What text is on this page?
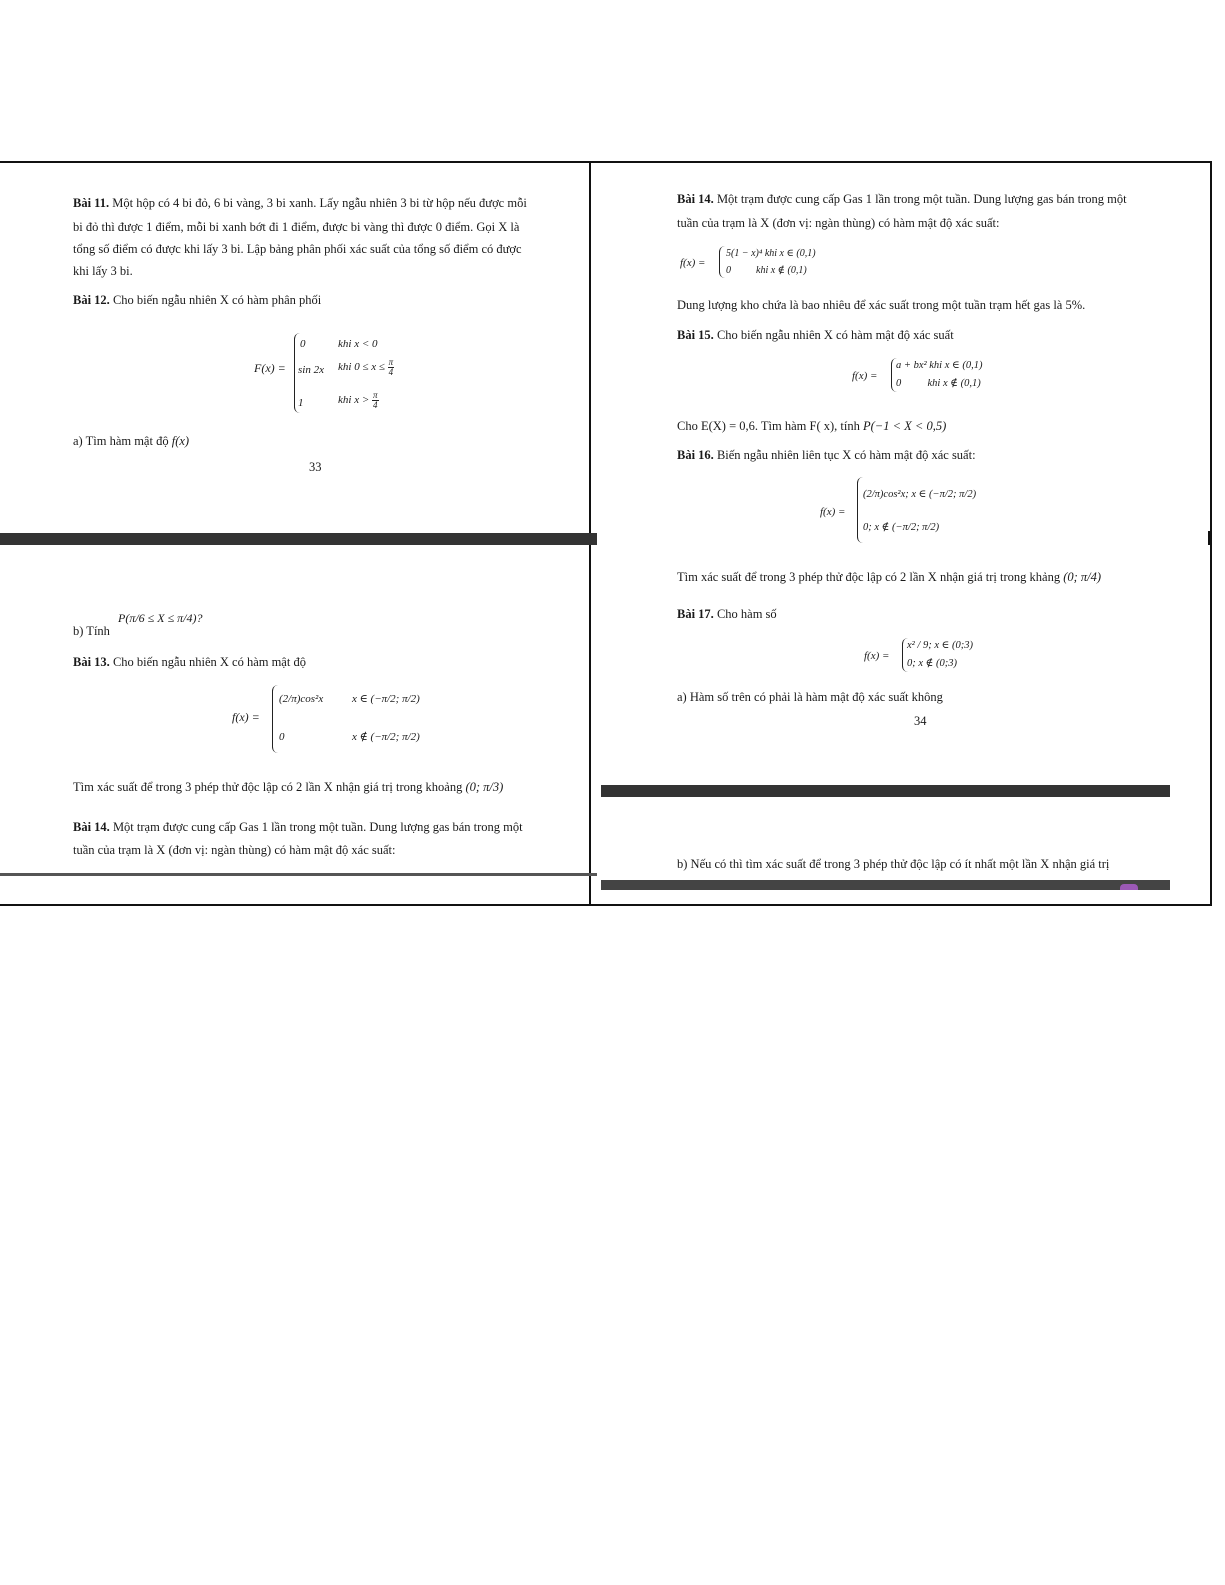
Bài 11. Một hộp có 4 bi đỏ, 6 bi vàng, 3 bi xanh. Lấy ngẫu nhiên 3 bi từ hộp nếu được mỗi
bi đỏ thì được 1 điểm, mỗi bi xanh bớt đi 1 điểm, được bi vàng thì được 0 điểm. Gọi X là
tổng số điểm có được khi lấy 3 bi. Lập bảng phân phối xác suất của tổng số điểm có được
khi lấy 3 bi.
Bài 12. Cho biến ngẫu nhiên X có hàm phân phối
F(x) =
0	khi x < 0
sin 2x khi $0 \le x \le \frac{\pi}{4}$
1	khi $x > \frac{\pi}{4}$
a) Tìm hàm mật độ f(x)
33
b) Tính
P(π/6 ≤ X ≤ π/4)?
Bài 13. Cho biến ngẫu nhiên X có hàm mật độ
f(x) =
(2/π)cos²x	x ∈ (−π/2; π/2)
0	x ∉ (−π/2; π/2)
Tìm xác suất để trong 3 phép thử độc lập có 2 lần X nhận giá trị trong khoảng (0; π/3)
Bài 14. Một trạm được cung cấp Gas 1 lần trong một tuần. Dung lượng gas bán trong một
tuần của trạm là X (đơn vị: ngàn thùng) có hàm mật độ xác suất:
Bài 14. Một trạm được cung cấp Gas 1 lần trong một tuần. Dung lượng gas bán trong một
tuần của trạm là X (đơn vị: ngàn thùng) có hàm mật độ xác suất:
f(x) =
5(1 − x)⁴ khi x ∈ (0,1)
0          khi x ∉ (0,1)
Dung lượng kho chứa là bao nhiêu để xác suất trong một tuần trạm hết gas là 5%.
Bài 15. Cho biến ngẫu nhiên X có hàm mật độ xác suất
f(x) =
a + bx² khi x ∈ (0,1)
0          khi x ∉ (0,1)
Cho E(X) = 0,6. Tìm hàm F( x), tính P(−1 < X < 0,5)
Bài 16. Biến ngẫu nhiên liên tục X có hàm mật độ xác suất:
f(x) =
(2/π)cos²x; x ∈ (−π/2; π/2)
0; x ∉ (−π/2; π/2)
Tìm xác suất để trong 3 phép thử độc lập có 2 lần X nhận giá trị trong khảng (0; π/4)
Bài 17. Cho hàm số
f(x) =
x² / 9; x ∈ (0;3)
0; x ∉ (0;3)
a) Hàm số trên có phải là hàm mật độ xác suất không
34
b) Nếu có thì tìm xác suất để trong 3 phép thử độc lập có ít nhất một lần X nhận giá trị
